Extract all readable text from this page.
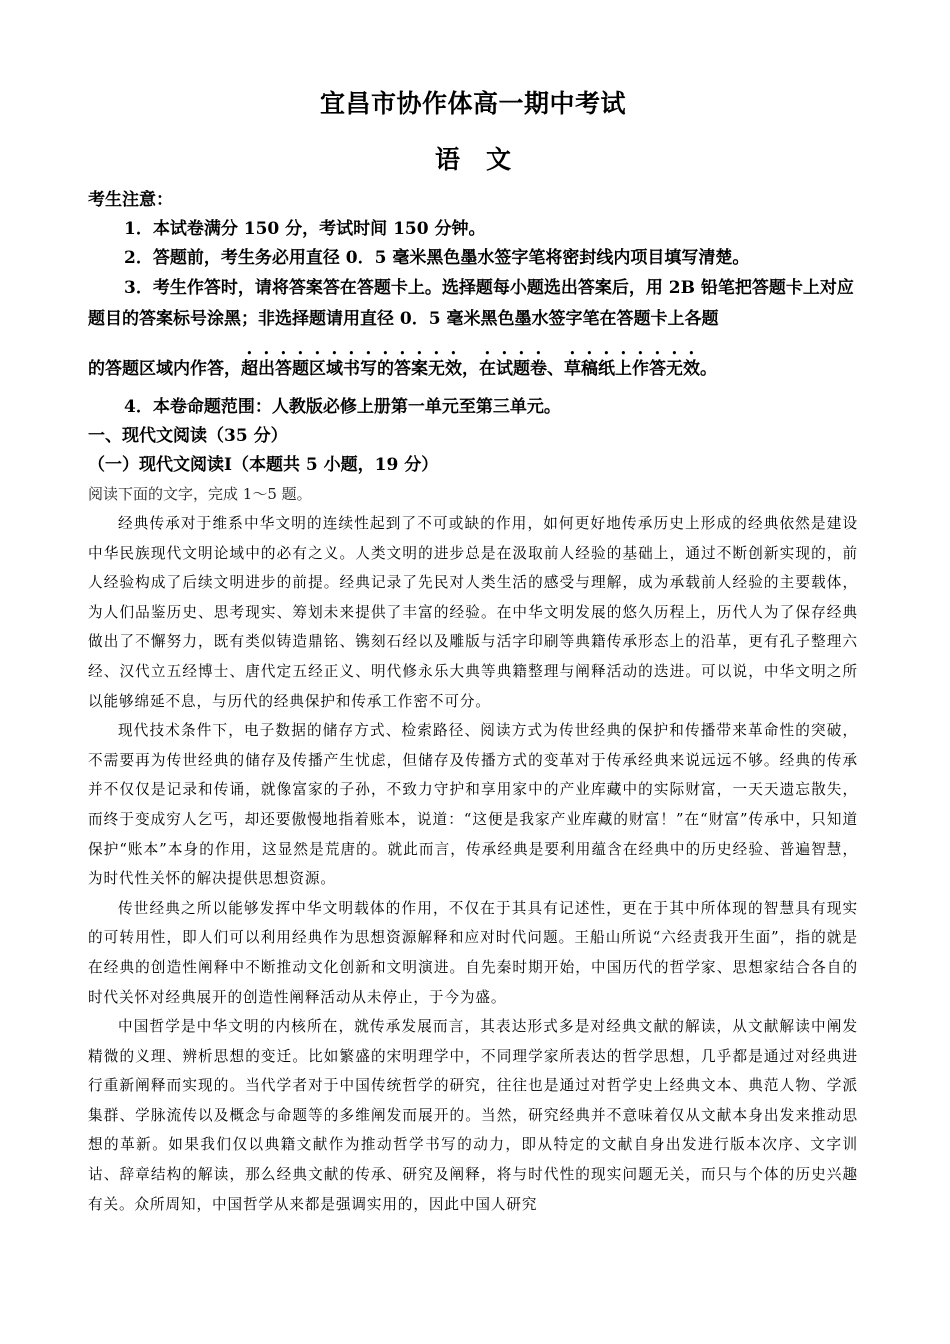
宜昌市协作体高一期中考试
语文

考生注意：

1．本试卷满分 150 分，考试时间 150 分钟。

2．答题前，考生务必用直径 0．5 毫米黑色墨水签字笔将密封线内项目填写清楚。

3．考生作答时，请将答案答在答题卡上。选择题每小题选出答案后，用 2B 铅笔把答题卡上对应题目的答案标号涂黑；非选择题请用直径 0．5 毫米黑色墨水签字笔在答题卡上各题
的答题区域内作答，超出答题区域书写的答案无效，在试题卷、草稿纸上作答无效。

4．本卷命题范围：人教版必修上册第一单元至第三单元。

一、现代文阅读（35 分）

（一）现代文阅读Ⅰ（本题共 5 小题，19 分）

阅读下面的文字，完成 1～5 题。

经典传承对于维系中华文明的连续性起到了不可或缺的作用，如何更好地传承历史上形成的经典依然是建设中华民族现代文明论域中的必有之义。人类文明的进步总是在汲取前人经验的基础上，通过不断创新实现的，前人经验构成了后续文明进步的前提。经典记录了先民对人类生活的感受与理解，成为承载前人经验的主要载体，为人们品鉴历史、思考现实、筹划未来提供了丰富的经验。在中华文明发展的悠久历程上，历代人为了保存经典做出了不懈努力，既有类似铸造鼎铭、镌刻石经以及雕版与活字印刷等典籍传承形态上的沿革，更有孔子整理六经、汉代立五经博士、唐代定五经正义、明代修永乐大典等典籍整理与阐释活动的迭进。可以说，中华文明之所以能够绵延不息，与历代的经典保护和传承工作密不可分。

现代技术条件下，电子数据的储存方式、检索路径、阅读方式为传世经典的保护和传播带来革命性的突破，不需要再为传世经典的储存及传播产生忧虑，但储存及传播方式的变革对于传承经典来说远远不够。经典的传承并不仅仅是记录和传诵，就像富家的子孙，不致力守护和享用家中的产业库藏中的实际财富，一天天遗忘散失，而终于变成穷人乞丐，却还要傲慢地指着账本，说道：“这便是我家产业库藏的财富！”在“财富”传承中，只知道保护“账本”本身的作用，这显然是荒唐的。就此而言，传承经典是要利用蕴含在经典中的历史经验、普遍智慧，为时代性关怀的解决提供思想资源。

传世经典之所以能够发挥中华文明载体的作用，不仅在于其具有记述性，更在于其中所体现的智慧具有现实的可转用性，即人们可以利用经典作为思想资源解释和应对时代问题。王船山所说“六经责我开生面”，指的就是在经典的创造性阐释中不断推动文化创新和文明演进。自先秦时期开始，中国历代的哲学家、思想家结合各自的时代关怀对经典展开的创造性阐释活动从未停止，于今为盛。

中国哲学是中华文明的内核所在，就传承发展而言，其表达形式多是对经典文献的解读，从文献解读中阐发精微的义理、辨析思想的变迁。比如繁盛的宋明理学中，不同理学家所表达的哲学思想，几乎都是通过对经典进行重新阐释而实现的。当代学者对于中国传统哲学的研究，往往也是通过对哲学史上经典文本、典范人物、学派集群、学脉流传以及概念与命题等的多维阐发而展开的。当然，研究经典并不意味着仅从文献本身出发来推动思想的革新。如果我们仅以典籍文献作为推动哲学书写的动力，即从特定的文献自身出发进行版本次序、文字训诂、辞章结构的解读，那么经典文献的传承、研究及阐释，将与时代性的现实问题无关，而只与个体的历史兴趣有关。众所周知，中国哲学从来都是强调实用的，因此中国人研究
